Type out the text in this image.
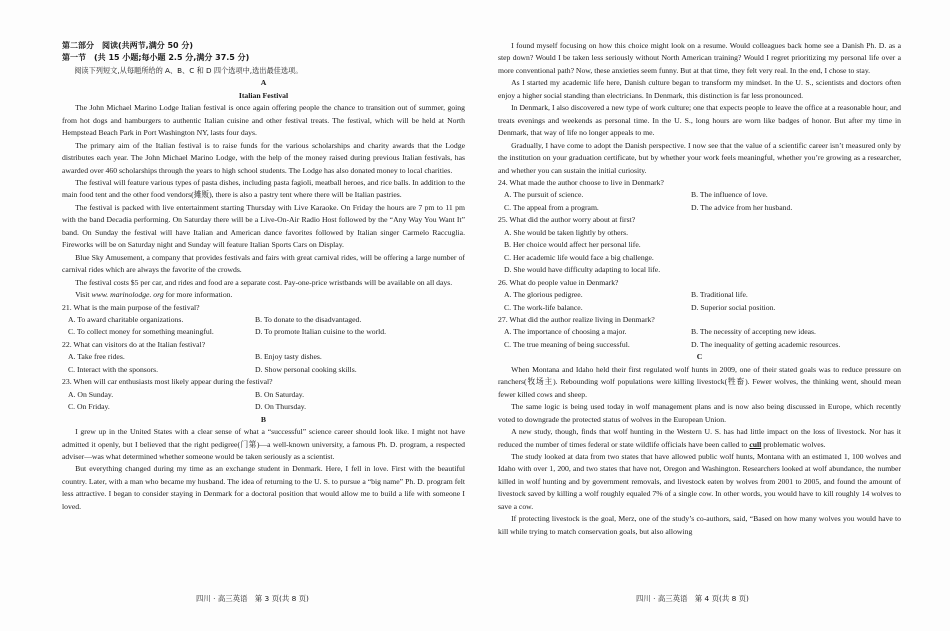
第二部分　阅读(共两节,满分 50 分)
第一节　(共 15 小题;每小题 2.5 分,满分 37.5 分)
阅读下列短文,从每题所给的 A、B、C 和 D 四个选项中,选出最佳选项。
A
Italian Festival

The John Michael Marino Lodge Italian festival is once again offering people the chance to transition out of summer, going from hot dogs and hamburgers to authentic Italian cuisine and other festival treats. The festival, which will be held at North Hempstead Beach Park in Port Washington NY, lasts four days.

The primary aim of the Italian festival is to raise funds for the various scholarships and charity awards that the Lodge distributes each year. The John Michael Marino Lodge, with the help of the money raised during previous Italian festivals, has awarded over 460 scholarships through the years to high school students. The Lodge has also donated money to local charities.

The festival will feature various types of pasta dishes, including pasta fagioli, meatball heroes, and rice balls. In addition to the main food tent and the other food vendors(摊贩), there is also a pastry tent where there will be Italian pastries.

The festival is packed with live entertainment starting Thursday with Live Karaoke. On Friday the hours are 7 pm to 11 pm with the band Decadia performing. On Saturday there will be a Live-On-Air Radio Host followed by the “Any Way You Want It” band. On Sunday the festival will have Italian and American dance favorites followed by Italian singer Carmelo Raccuglia. Fireworks will be on Saturday night and Sunday will feature Italian Sports Cars on Display.

Blue Sky Amusement, a company that provides festivals and fairs with great carnival rides, will be offering a large number of carnival rides which are always the favorite of the crowds.

The festival costs $5 per car, and rides and food are a separate cost. Pay-one-price wristbands will be available on all days.

Visit www. marinolodge. org for more information.

21. What is the main purpose of the festival?
A. To award charitable organizations.	B. To donate to the disadvantaged.
C. To collect money for something meaningful.	D. To promote Italian cuisine to the world.
22. What can visitors do at the Italian festival?
A. Take free rides.	B. Enjoy tasty dishes.
C. Interact with the sponsors.	D. Show personal cooking skills.
23. When will car enthusiasts most likely appear during the festival?
A. On Sunday.	B. On Saturday.
C. On Friday.	D. On Thursday.
B

I grew up in the United States with a clear sense of what a “successful” science career should look like. I might not have admitted it openly, but I believed that the right pedigree(门第)—a well-known university, a famous Ph. D. program, a respected adviser—was what determined whether someone would be taken seriously as a scientist.

But everything changed during my time as an exchange student in Denmark. Here, I fell in love. First with the beautiful country. Later, with a man who became my husband. The idea of returning to the U. S. to pursue a “big name” Ph. D. program felt less attractive. I began to consider staying in Denmark for a doctoral position that would allow me to build a life with someone I loved.

I found myself focusing on how this choice might look on a resume. Would colleagues back home see a Danish Ph. D. as a step down? Would I be taken less seriously without North American training? Would I regret prioritizing my personal life over a more conventional path? Now, these anxieties seem funny. But at that time, they felt very real. In the end, I chose to stay.

As I started my academic life here, Danish culture began to transform my mindset. In the U. S., scientists and doctors often enjoy a higher social standing than electricians. In Denmark, this distinction is far less pronounced.

In Denmark, I also discovered a new type of work culture; one that expects people to leave the office at a reasonable hour, and treats evenings and weekends as personal time. In the U. S., long hours are worn like badges of honor. But after my time in Denmark, that way of life no longer appeals to me.

Gradually, I have come to adopt the Danish perspective. I now see that the value of a scientific career isn’t measured only by the institution on your graduation certificate, but by whether your work feels meaningful, whether you’re growing as a researcher, and whether you can sustain the initial curiosity.

24. What made the author choose to live in Denmark?
A. The pursuit of science.	B. The influence of love.
C. The appeal from a program.	D. The advice from her husband.
25. What did the author worry about at first?
A. She would be taken lightly by others.
B. Her choice would affect her personal life.
C. Her academic life would face a big challenge.
D. She would have difficulty adapting to local life.
26. What do people value in Denmark?
A. The glorious pedigree.	B. Traditional life.
C. The work-life balance.	D. Superior social position.
27. What did the author realize living in Denmark?
A. The importance of choosing a major.	B. The necessity of accepting new ideas.
C. The true meaning of being successful.	D. The inequality of getting academic resources.
C

When Montana and Idaho held their first regulated wolf hunts in 2009, one of their stated goals was to reduce pressure on ranchers(牧场主). Rebounding wolf populations were killing livestock(牲畜). Fewer wolves, the thinking went, should mean fewer killed cows and sheep.

The same logic is being used today in wolf management plans and is now also being discussed in Europe, which recently voted to downgrade the protected status of wolves in the European Union.

A new study, though, finds that wolf hunting in the Western U. S. has had little impact on the loss of livestock. Nor has it reduced the number of times federal or state wildlife officials have been called to cull problematic wolves.

The study looked at data from two states that have allowed public wolf hunts, Montana with an estimated 1, 100 wolves and Idaho with over 1, 200, and two states that have not, Oregon and Washington. Researchers looked at wolf abundance, the number killed in wolf hunting and by government removals, and livestock eaten by wolves from 2001 to 2005, and found the amount of livestock saved by killing a wolf roughly equaled 7% of a single cow. In other words, you would have to kill roughly 14 wolves to save a cow.

If protecting livestock is the goal, Merz, one of the study’s co-authors, said, “Based on how many wolves you would have to kill while trying to match conservation goals, but also allowing

四川 · 高三英语　第 3 页(共 8 页)	四川 · 高三英语　第 4 页(共 8 页)
